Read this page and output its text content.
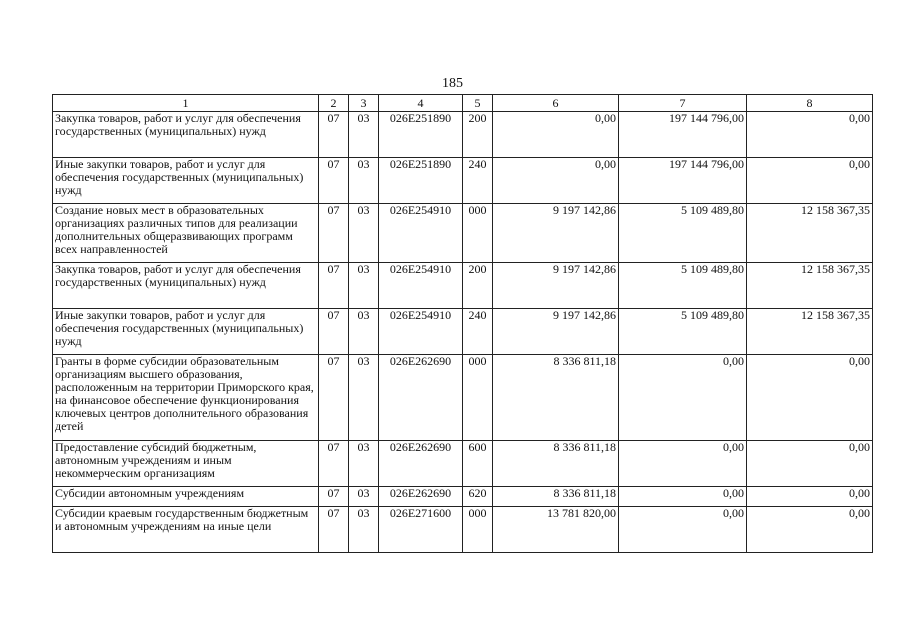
185
1	2	3	4	5	6	7	8
Закупка товаров, работ и услуг для обеспечения государственных (муниципальных) нужд	07	03	026E251890	200	0,00	197 144 796,00	0,00
Иные закупки товаров, работ и услуг для обеспечения государственных (муниципальных) нужд	07	03	026E251890	240	0,00	197 144 796,00	0,00
Создание новых мест в образовательных организациях различных типов для реализации дополнительных общеразвивающих программ всех направленностей	07	03	026E254910	000	9 197 142,86	5 109 489,80	12 158 367,35
Закупка товаров, работ и услуг для обеспечения государственных (муниципальных) нужд	07	03	026E254910	200	9 197 142,86	5 109 489,80	12 158 367,35
Иные закупки товаров, работ и услуг для обеспечения государственных (муниципальных) нужд	07	03	026E254910	240	9 197 142,86	5 109 489,80	12 158 367,35
Гранты в форме субсидии образовательным организациям высшего образования, расположенным на территории Приморского края, на финансовое обеспечение функционирования ключевых центров дополнительного образования детей	07	03	026E262690	000	8 336 811,18	0,00	0,00
Предоставление субсидий бюджетным, автономным учреждениям и иным некоммерческим организациям	07	03	026E262690	600	8 336 811,18	0,00	0,00
Субсидии автономным учреждениям	07	03	026E262690	620	8 336 811,18	0,00	0,00
Субсидии краевым государственным бюджетным и автономным учреждениям на иные цели	07	03	026E271600	000	13 781 820,00	0,00	0,00
